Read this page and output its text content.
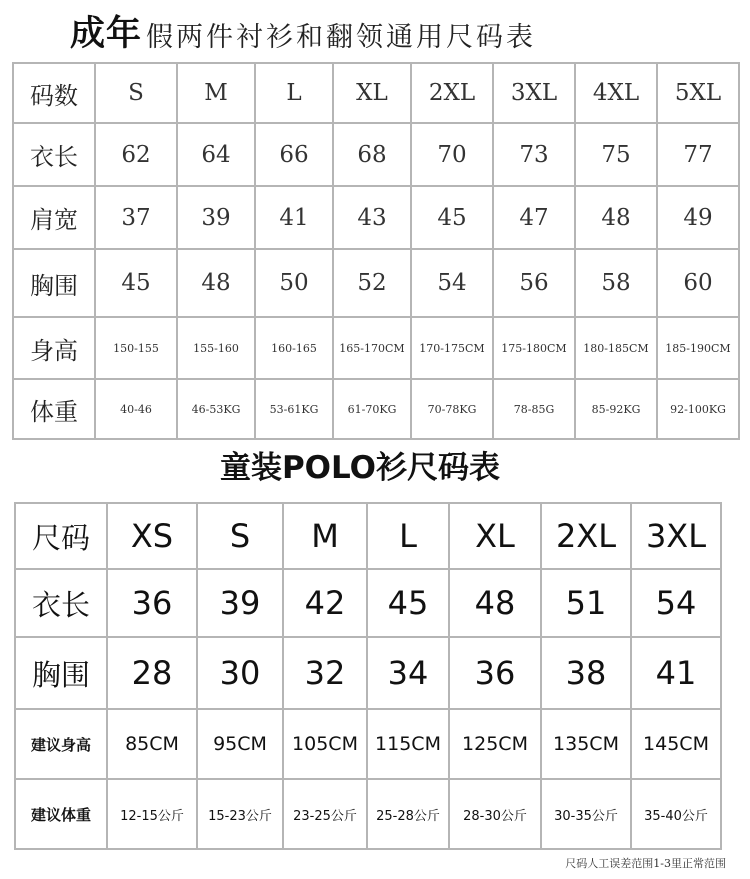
成年 假两件衬衫和翻领通用尺码表
码数	S	M	L	XL	2XL	3XL	4XL	5XL
衣长	62	64	66	68	70	73	75	77
肩宽	37	39	41	43	45	47	48	49
胸围	45	48	50	52	54	56	58	60
身高	150-155	155-160	160-165	165-170CM	170-175CM	175-180CM	180-185CM	185-190CM
体重	40-46	46-53KG	53-61KG	61-70KG	70-78KG	78-85G	85-92KG	92-100KG
童装POLO衫尺码表
尺码	XS	S	M	L	XL	2XL	3XL
衣长	36	39	42	45	48	51	54
胸围	28	30	32	34	36	38	41
建议身高	85CM	95CM	105CM	115CM	125CM	135CM	145CM
建议体重	12-15公斤	15-23公斤	23-25公斤	25-28公斤	28-30公斤	30-35公斤	35-40公斤
尺码人工误差范围1-3里正常范围
